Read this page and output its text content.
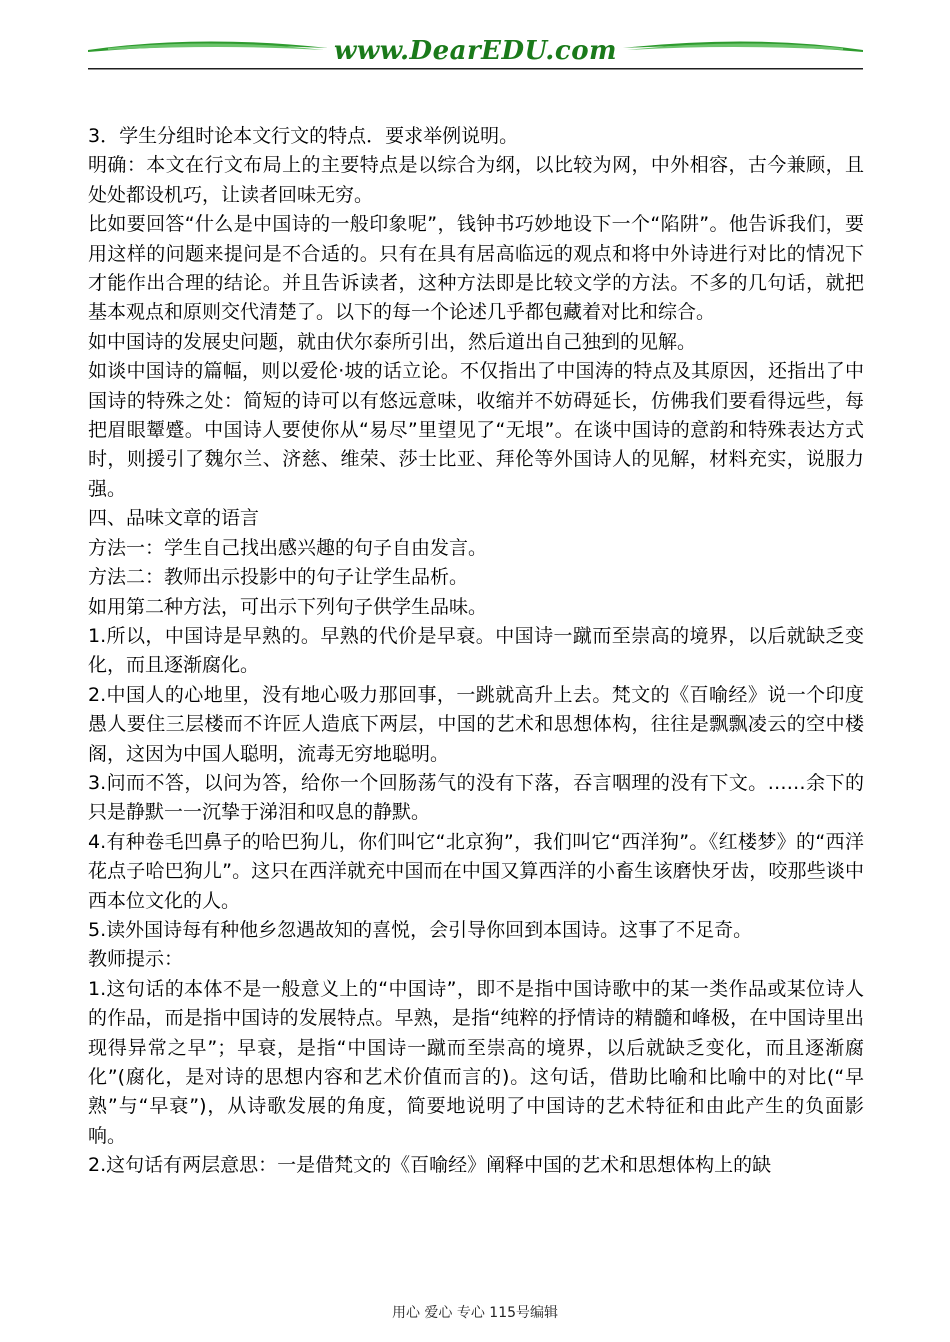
www.DearEDU.com

3．学生分组时论本文行文的特点．要求举例说明。

明确：本文在行文布局上的主要特点是以综合为纲，以比较为网，中外相容，古今兼顾，且处处都设机巧，让读者回味无穷。

比如要回答“什么是中国诗的一般印象呢”，钱钟书巧妙地设下一个“陷阱”。他告诉我们，要用这样的问题来提问是不合适的。只有在具有居高临远的观点和将中外诗进行对比的情况下才能作出合理的结论。并且告诉读者，这种方法即是比较文学的方法。不多的几句话，就把基本观点和原则交代清楚了。以下的每一个论述几乎都包藏着对比和综合。

如中国诗的发展史问题，就由伏尔泰所引出，然后道出自己独到的见解。

如谈中国诗的篇幅，则以爱伦·坡的话立论。不仅指出了中国涛的特点及其原因，还指出了中国诗的特殊之处：简短的诗可以有悠远意味，收缩并不妨碍延长，仿佛我们要看得远些，每把眉眼颦蹙。中国诗人要使你从“易尽”里望见了“无垠”。在谈中国诗的意韵和特殊表达方式时，则援引了魏尔兰、济慈、维荣、莎士比亚、拜伦等外国诗人的见解，材料充实，说服力强。

四、品味文章的语言

方法一：学生自己找出感兴趣的句子自由发言。

方法二：教师出示投影中的句子让学生品析。

如用第二种方法，可出示下列句子供学生品味。

1.所以，中国诗是早熟的。早熟的代价是早衰。中国诗一蹴而至崇高的境界，以后就缺乏变化，而且逐渐腐化。

2.中国人的心地里，没有地心吸力那回事，一跳就高升上去。梵文的《百喻经》说一个印度愚人要住三层楼而不许匠人造底下两层，中国的艺术和思想体构，往往是飘飘凌云的空中楼阁，这因为中国人聪明，流毒无穷地聪明。

3.问而不答，以问为答，给你一个回肠荡气的没有下落，吞言咽理的没有下文。……余下的只是静默一一沉挚于涕泪和叹息的静默。

4.有种卷毛凹鼻子的哈巴狗儿，你们叫它“北京狗”，我们叫它“西洋狗”。《红楼梦》的“西洋花点子哈巴狗儿”。这只在西洋就充中国而在中国又算西洋的小畜生该磨快牙齿，咬那些谈中西本位文化的人。

5.读外国诗每有种他乡忽遇故知的喜悦，会引导你回到本国诗。这事了不足奇。

教师提示：

1.这句话的本体不是一般意义上的“中国诗”，即不是指中国诗歌中的某一类作品或某位诗人的作品，而是指中国诗的发展特点。早熟，是指“纯粹的抒情诗的精髓和峰极，在中国诗里出现得异常之早”；早衰，是指“中国诗一蹴而至崇高的境界，以后就缺乏变化，而且逐渐腐化”(腐化，是对诗的思想内容和艺术价值而言的)。这句话，借助比喻和比喻中的对比(“早熟”与“早衰”)，从诗歌发展的角度，简要地说明了中国诗的艺术特征和由此产生的负面影响。

2.这句话有两层意思：一是借梵文的《百喻经》阐释中国的艺术和思想体构上的缺

用心 爱心 专心 115号编辑
